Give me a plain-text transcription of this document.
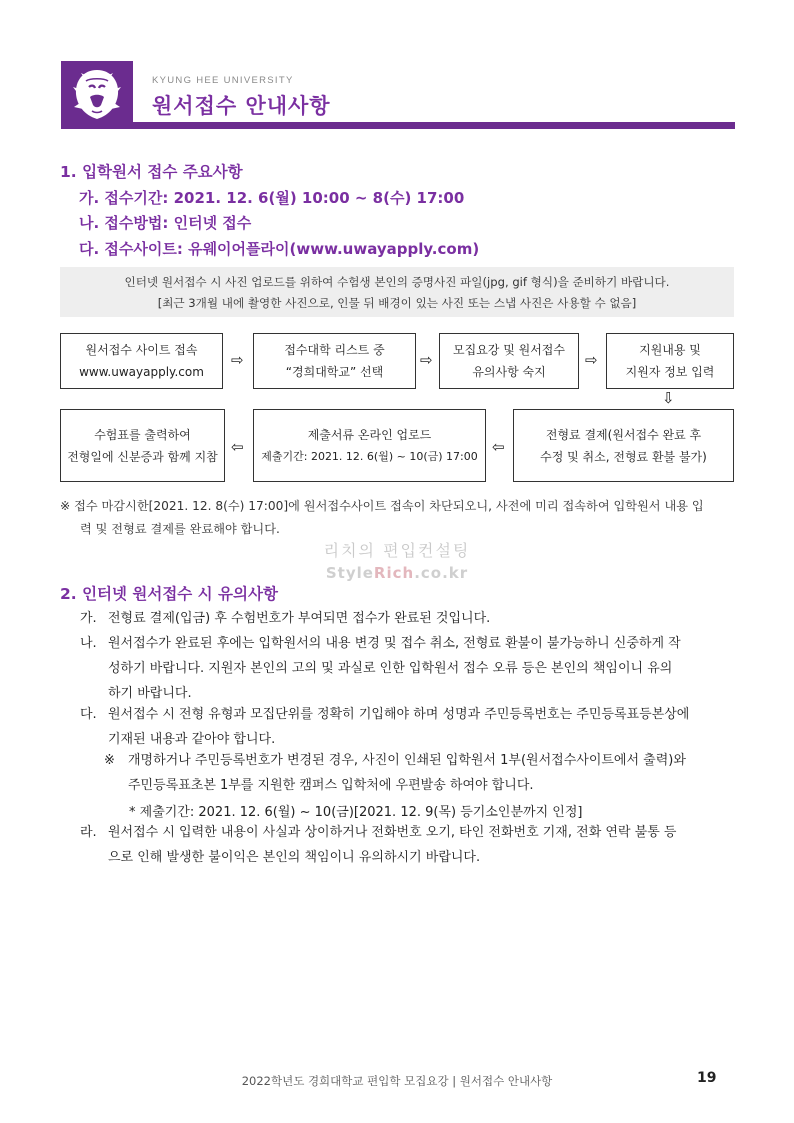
KYUNG HEE UNIVERSITY
원서접수 안내사항
1. 입학원서 접수 주요사항
가. 접수기간: 2021. 12. 6(월) 10:00 ~ 8(수) 17:00
나. 접수방법: 인터넷 접수
다. 접수사이트: 유웨이어플라이(www.uwayapply.com)
인터넷 원서접수 시 사진 업로드를 위하여 수험생 본인의 증명사진 파일(jpg, gif 형식)을 준비하기 바랍니다.
[최근 3개월 내에 촬영한 사진으로, 인물 뒤 배경이 있는 사진 또는 스냅 사진은 사용할 수 없음]
원서접수 사이트 접속
www.uwayapply.com
⇨
접수대학 리스트 중
“경희대학교” 선택
⇨
모집요강 및 원서접수
유의사항 숙지
⇨
지원내용 및
지원자 정보 입력
⇩
수험표를 출력하여
전형일에 신분증과 함께 지참
⇦
제출서류 온라인 업로드
제출기간: 2021. 12. 6(월) ~ 10(금) 17:00 ⇦
전형료 결제(원서접수 완료 후
수정 및 취소, 전형료 환불 불가)
※ 접수 마감시한[2021. 12. 8(수) 17:00]에 원서접수사이트 접속이 차단되오니, 사전에 미리 접속하여 입학원서 내용 입
력 및 전형료 결제를 완료해야 합니다.
리치의 편입컨설팅
StyleRich.co.kr
2. 인터넷 원서접수 시 유의사항
가. 전형료 결제(입금) 후 수험번호가 부여되면 접수가 완료된 것입니다.
나. 원서접수가 완료된 후에는 입학원서의 내용 변경 및 접수 취소, 전형료 환불이 불가능하니 신중하게 작
성하기 바랍니다. 지원자 본인의 고의 및 과실로 인한 입학원서 접수 오류 등은 본인의 책임이니 유의
하기 바랍니다.
다. 원서접수 시 전형 유형과 모집단위를 정확히 기입해야 하며 성명과 주민등록번호는 주민등록표등본상에
기재된 내용과 같아야 합니다.
※ 개명하거나 주민등록번호가 변경된 경우, 사진이 인쇄된 입학원서 1부(원서접수사이트에서 출력)와
주민등록표초본 1부를 지원한 캠퍼스 입학처에 우편발송 하여야 합니다.
* 제출기간: 2021. 12. 6(월) ~ 10(금)[2021. 12. 9(목) 등기소인분까지 인정]
라. 원서접수 시 입력한 내용이 사실과 상이하거나 전화번호 오기, 타인 전화번호 기재, 전화 연락 불통 등
으로 인해 발생한 불이익은 본인의 책임이니 유의하시기 바랍니다.
2022학년도 경희대학교 편입학 모집요강 | 원서접수 안내사항	19
